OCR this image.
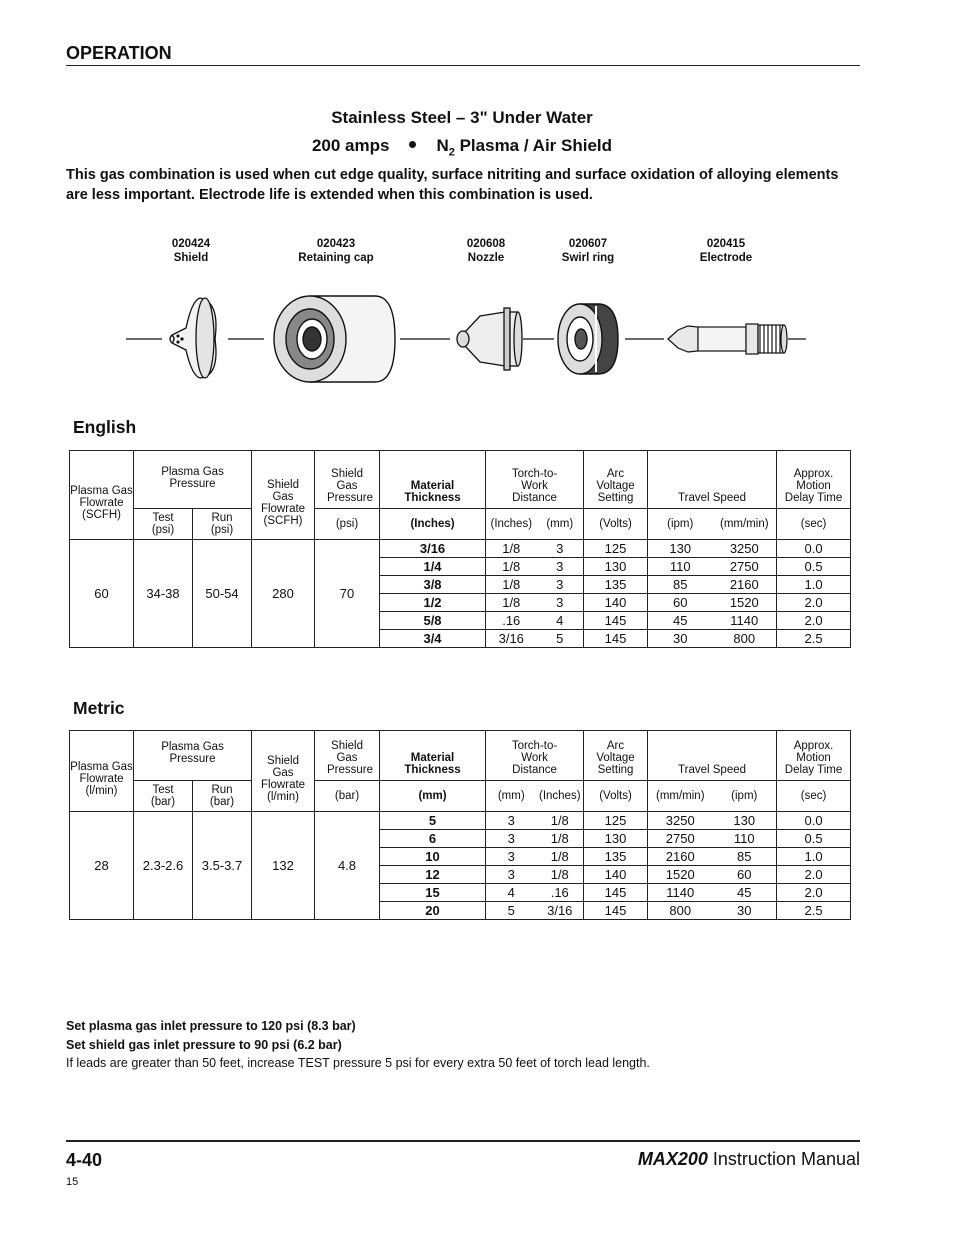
OPERATION
Stainless Steel – 3" Under Water
200 amps	$N_2$ Plasma / Air Shield
This gas combination is used when cut edge quality, surface nitriting and surface oxidation of alloying elements are less important. Electrode life is extended when this combination is used.
020424
Shield
020423
Retaining cap
020608
Nozzle
020607
Swirl ring
020415
Electrode
English
Plasma Gas Flowrate (SCFH)	Plasma Gas Pressure		Shield Gas Flowrate (SCFH)	Shield Gas Pressure	Material Thickness	Torch-to-Work Distance		Arc Voltage Setting	Travel Speed		Approx. Motion Delay Time
	Test (psi)	Run (psi)		(psi)	(Inches)	(Inches)	(mm)	(Volts)	(ipm)	(mm/min)	(sec)
60	34-38	50-54	280	70	3/16	1/8	3	125	130	3250	0.0
					1/4	1/8	3	130	110	2750	0.5
					3/8	1/8	3	135	85	2160	1.0
					1/2	1/8	3	140	60	1520	2.0
					5/8	.16	4	145	45	1140	2.0
					3/4	3/16	5	145	30	800	2.5
Metric
Plasma Gas Flowrate (l/min)	Plasma Gas Pressure		Shield Gas Flowrate (l/min)	Shield Gas Pressure	Material Thickness	Torch-to-Work Distance		Arc Voltage Setting	Travel Speed		Approx. Motion Delay Time
	Test (bar)	Run (bar)		(bar)	(mm)	(mm)	(Inches)	(Volts)	(mm/min)	(ipm)	(sec)
28	2.3-2.6	3.5-3.7	132	4.8	5	3	1/8	125	3250	130	0.0
					6	3	1/8	130	2750	110	0.5
					10	3	1/8	135	2160	85	1.0
					12	3	1/8	140	1520	60	2.0
					15	4	.16	145	1140	45	2.0
					20	5	3/16	145	800	30	2.5
Set plasma gas inlet pressure to 120 psi (8.3 bar)
Set shield gas inlet pressure to 90 psi (6.2 bar)
If leads are greater than 50 feet, increase TEST pressure 5 psi for every extra 50 feet of torch lead length.
4-40	MAX200 Instruction Manual
15
